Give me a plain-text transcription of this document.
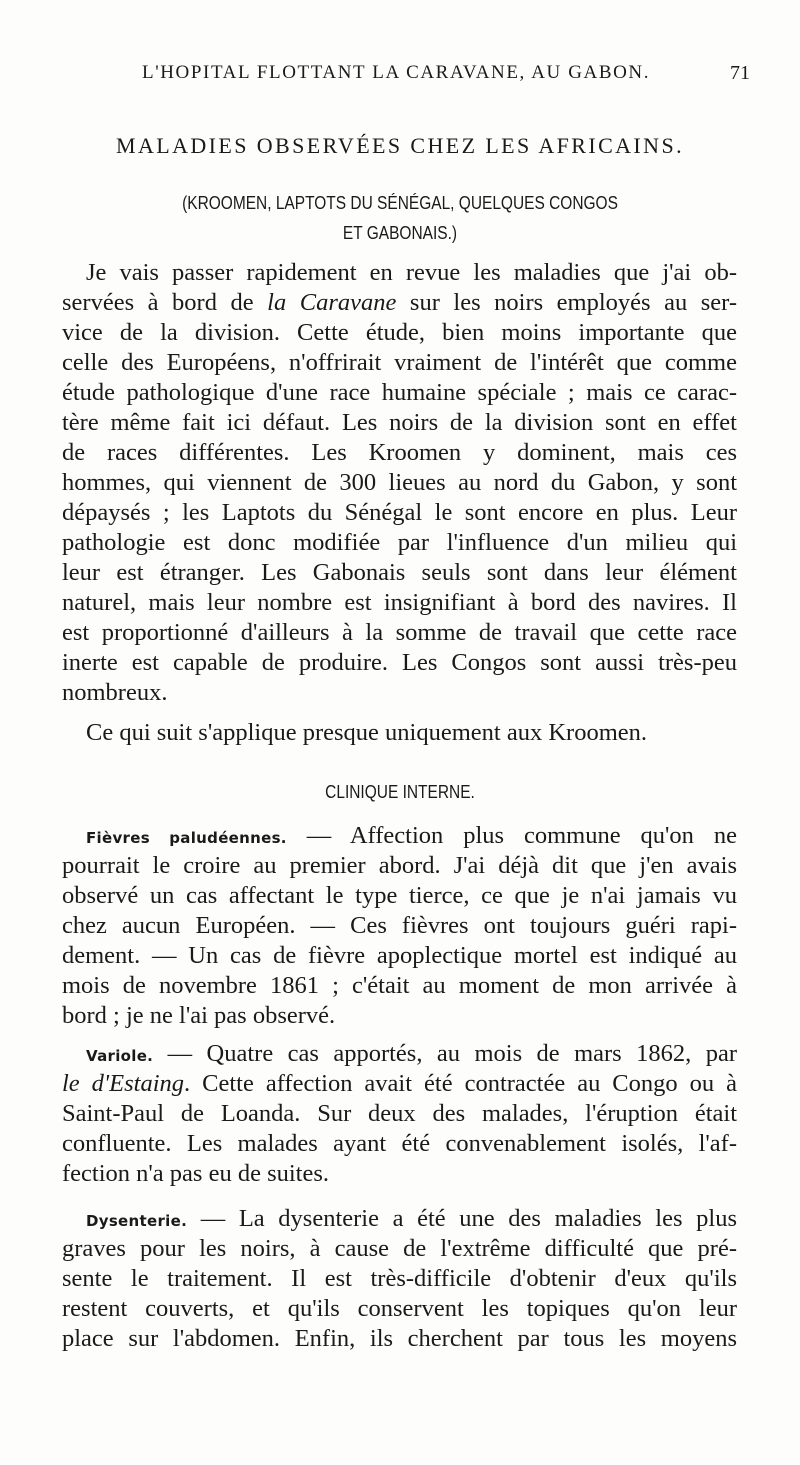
L'HOPITAL FLOTTANT LA CARAVANE, AU GABON.	71
MALADIES OBSERVÉES CHEZ LES AFRICAINS.
(KROOMEN, LAPTOTS DU SÉNÉGAL, QUELQUES CONGOS
ET GABONAIS.)
Je vais passer rapidement en revue les maladies que j'ai ob-
servées à bord de la Caravane sur les noirs employés au ser-
vice de la division. Cette étude, bien moins importante que
celle des Européens, n'offrirait vraiment de l'intérêt que comme
étude pathologique d'une race humaine spéciale ; mais ce carac-
tère même fait ici défaut. Les noirs de la division sont en effet
de races différentes. Les Kroomen y dominent, mais ces
hommes, qui viennent de 300 lieues au nord du Gabon, y sont
dépaysés ; les Laptots du Sénégal le sont encore en plus. Leur
pathologie est donc modifiée par l'influence d'un milieu qui
leur est étranger. Les Gabonais seuls sont dans leur élément
naturel, mais leur nombre est insignifiant à bord des navires. Il
est proportionné d'ailleurs à la somme de travail que cette race
inerte est capable de produire. Les Congos sont aussi très-peu
nombreux.
Ce qui suit s'applique presque uniquement aux Kroomen.
CLINIQUE INTERNE.
Fièvres paludéennes. — Affection plus commune qu'on ne
pourrait le croire au premier abord. J'ai déjà dit que j'en avais
observé un cas affectant le type tierce, ce que je n'ai jamais vu
chez aucun Européen. — Ces fièvres ont toujours guéri rapi-
dement. — Un cas de fièvre apoplectique mortel est indiqué au
mois de novembre 1861 ; c'était au moment de mon arrivée à
bord ; je ne l'ai pas observé.
Variole. — Quatre cas apportés, au mois de mars 1862, par
le d'Estaing. Cette affection avait été contractée au Congo ou à
Saint-Paul de Loanda. Sur deux des malades, l'éruption était
confluente. Les malades ayant été convenablement isolés, l'af-
fection n'a pas eu de suites.
Dysenterie. — La dysenterie a été une des maladies les plus
graves pour les noirs, à cause de l'extrême difficulté que pré-
sente le traitement. Il est très-difficile d'obtenir d'eux qu'ils
restent couverts, et qu'ils conservent les topiques qu'on leur
place sur l'abdomen. Enfin, ils cherchent par tous les moyens
